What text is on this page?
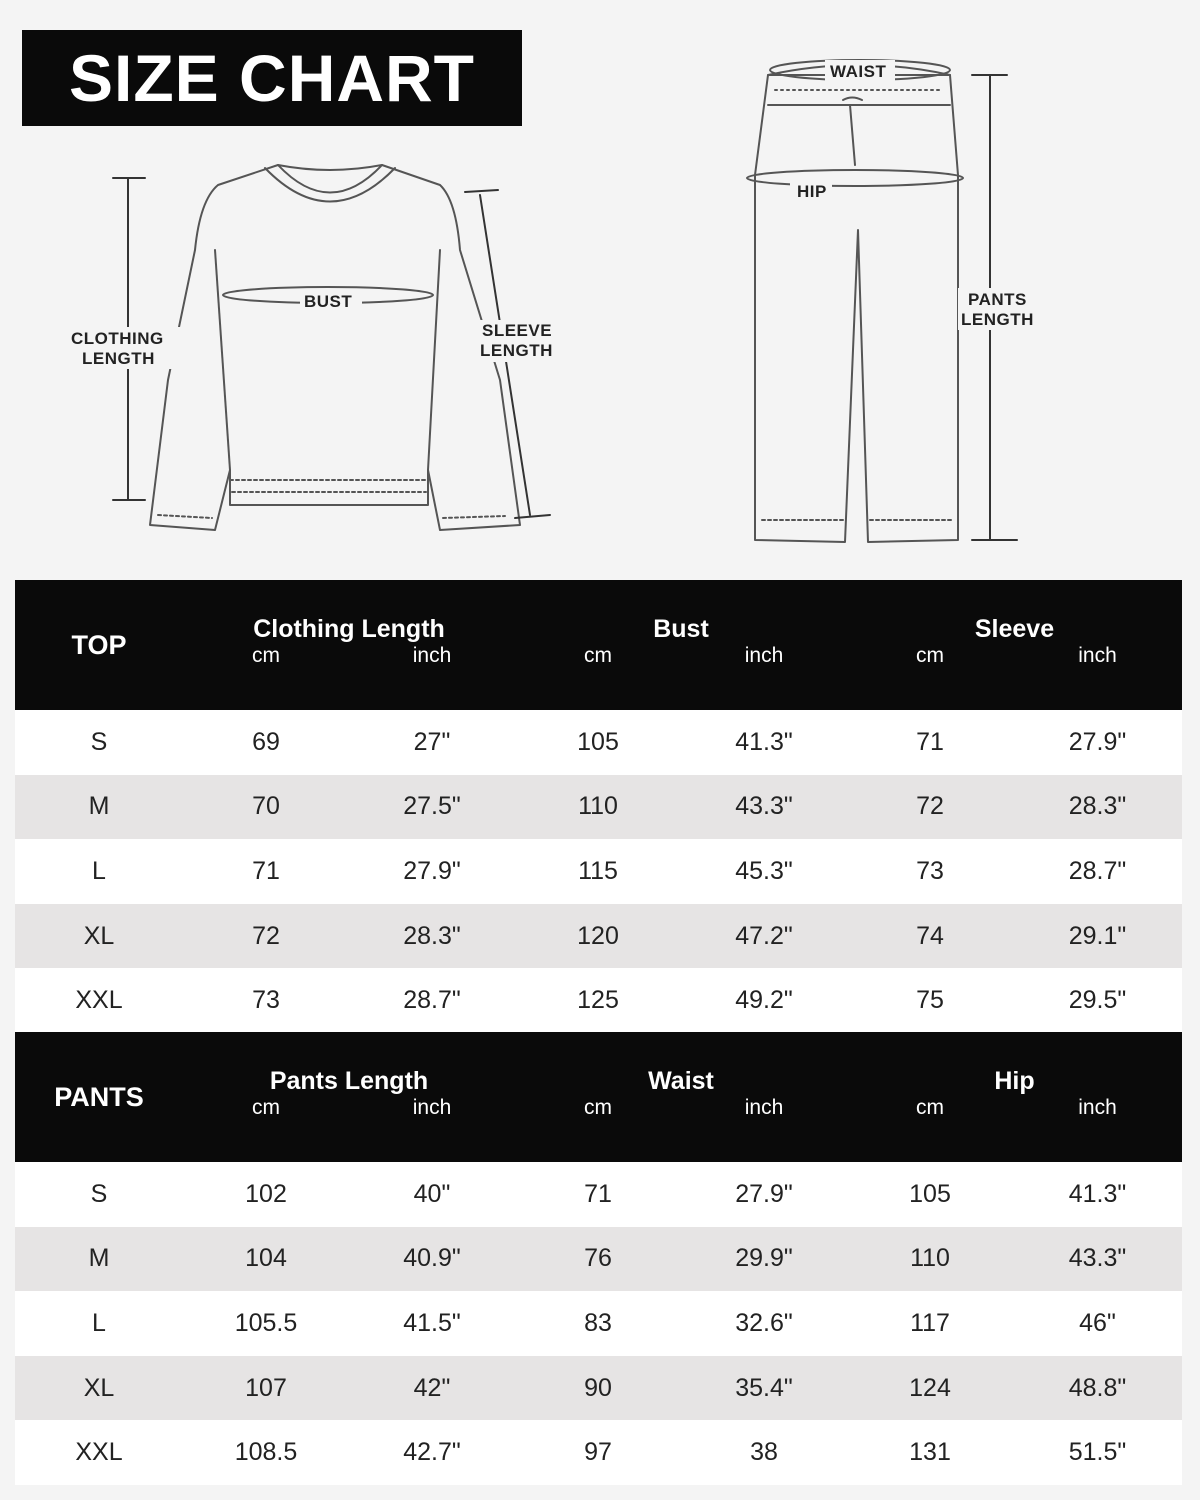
SIZE CHART
BUST
CLOTHING
LENGTH
SLEEVE
LENGTH
WAIST
HIP
PANTS
LENGTH
TOP	Clothing Length		Bust		Sleeve	
	cm	inch	cm	inch	cm	inch
S	69	27"	105	41.3"	71	27.9"
M	70	27.5"	110	43.3"	72	28.3"
L	71	27.9"	115	45.3"	73	28.7"
XL	72	28.3"	120	47.2"	74	29.1"
XXL	73	28.7"	125	49.2"	75	29.5"
PANTS	Pants Length		Waist		Hip	
	cm	inch	cm	inch	cm	inch
S	102	40"	71	27.9"	105	41.3"
M	104	40.9"	76	29.9"	110	43.3"
L	105.5	41.5"	83	32.6"	117	46"
XL	107	42"	90	35.4"	124	48.8"
XXL	108.5	42.7"	97	38	131	51.5"
